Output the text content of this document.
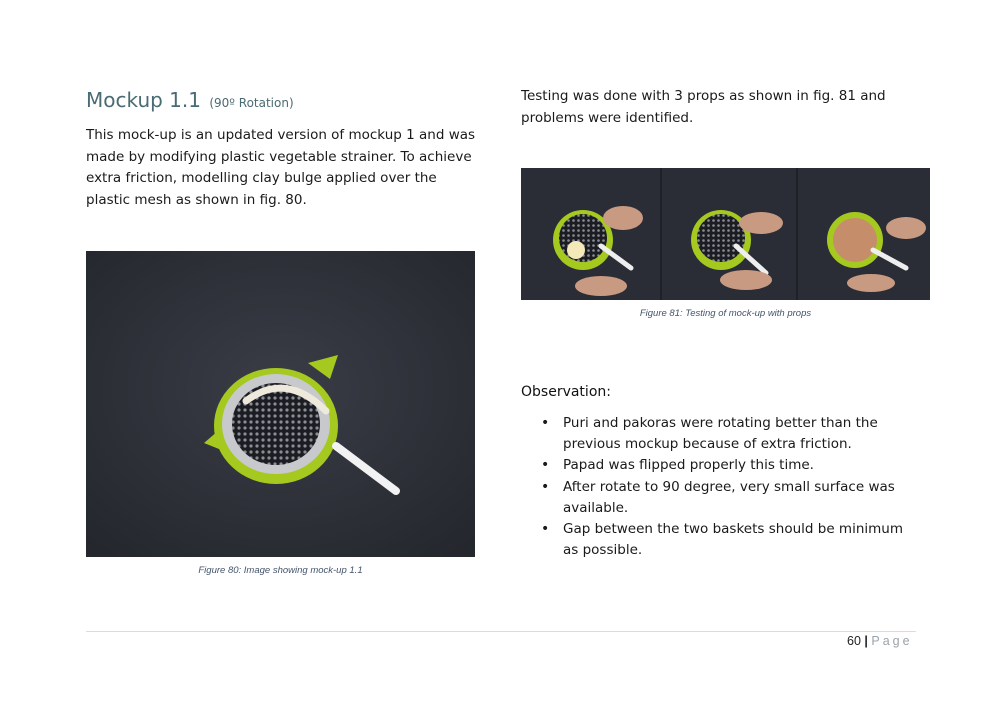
Mockup 1.1 (90º Rotation)
This mock-up is an updated version of mockup 1 and was made by modifying plastic vegetable strainer. To achieve extra friction, modelling clay bulge applied over the plastic mesh as shown in fig. 80.
Testing was done with 3 props as shown in fig. 81 and problems were identified.
Figure 80: Image showing mock-up 1.1
Figure 81: Testing of mock-up with props
Observation:
• Puri and pakoras were rotating better than the previous mockup because of extra friction.
• Papad was flipped properly this time.
• After rotate to 90 degree, very small surface was available.
• Gap between the two baskets should be minimum as possible.
60 | Page
